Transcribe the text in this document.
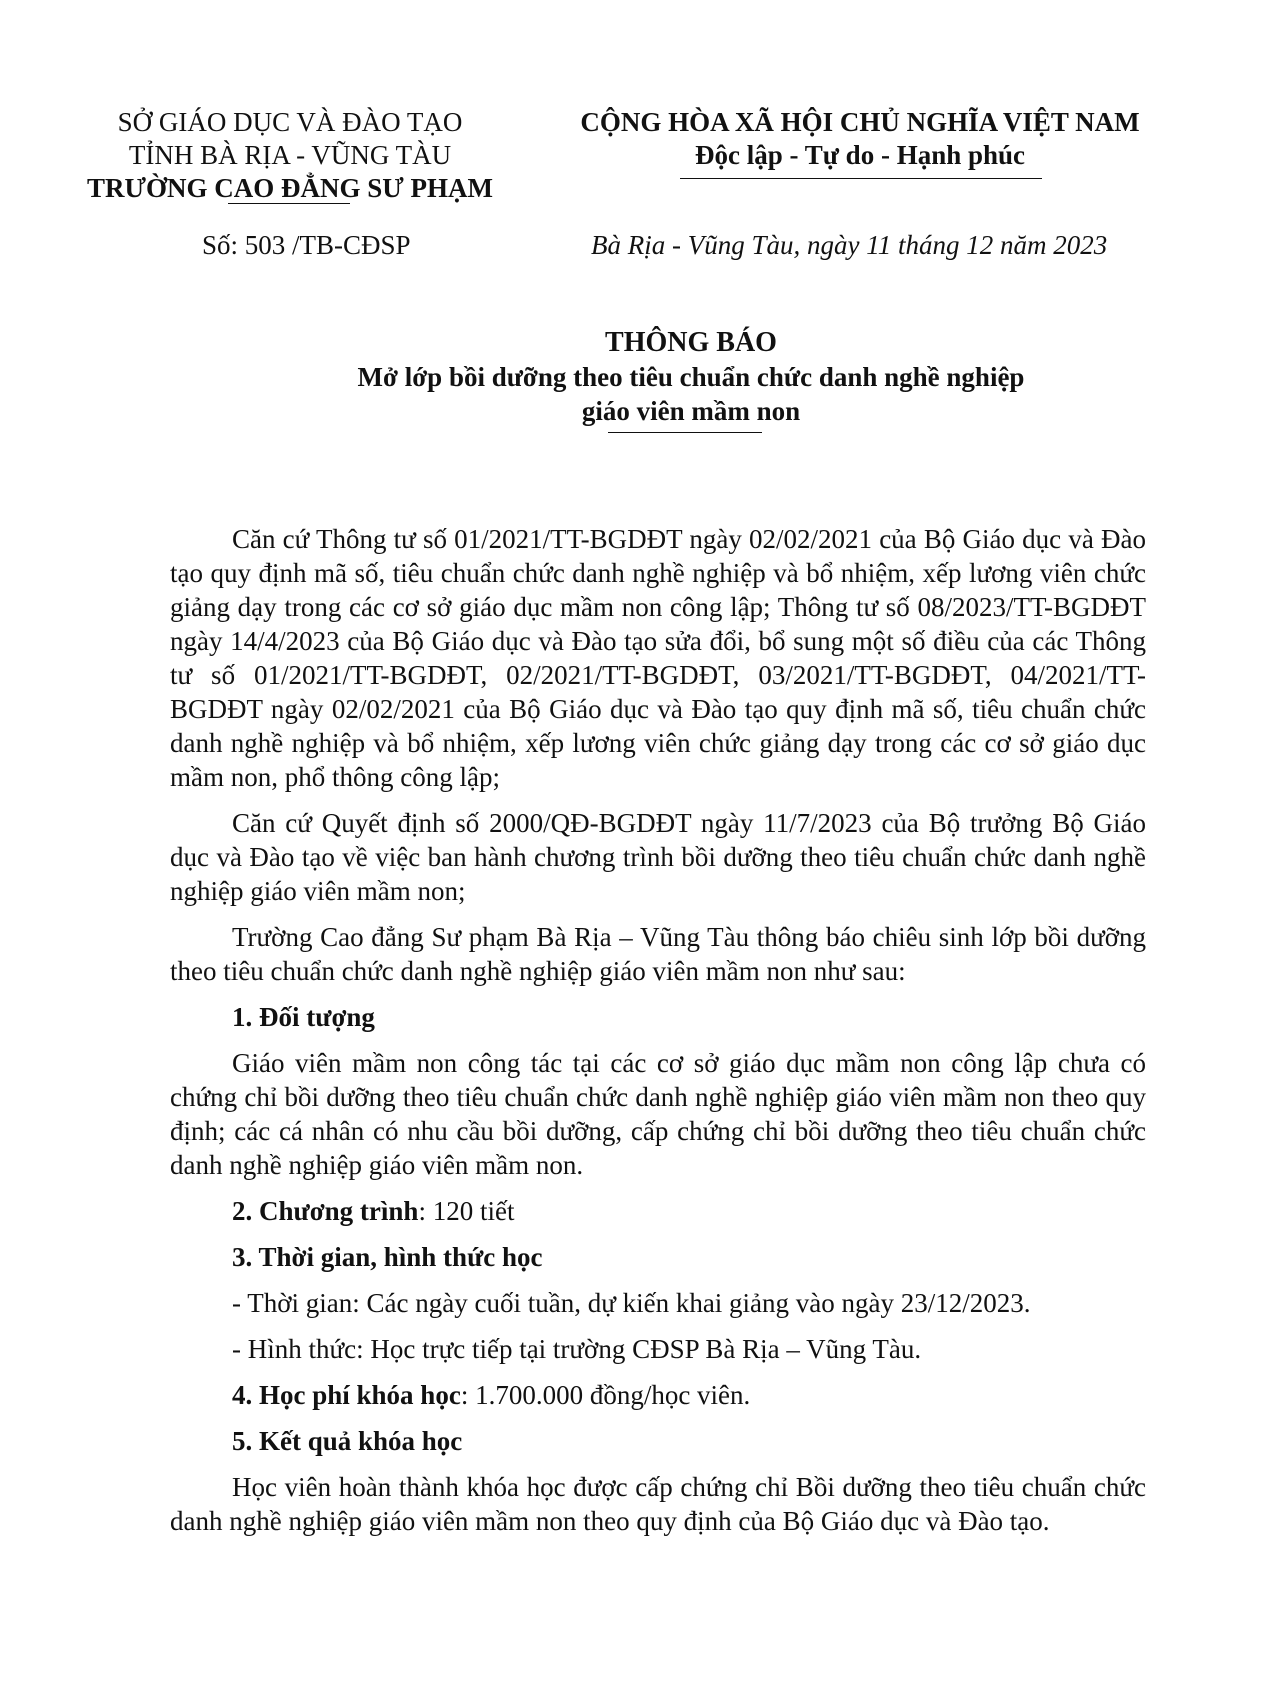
SỞ GIÁO DỤC VÀ ĐÀO TẠO
TỈNH BÀ RỊA - VŨNG TÀU
TRƯỜNG CAO ĐẲNG SƯ PHẠM
CỘNG HÒA XÃ HỘI CHỦ NGHĨA VIỆT NAM
Độc lập - Tự do - Hạnh phúc
Số: 503 /TB-CĐSP	Bà Rịa - Vũng Tàu, ngày 11 tháng 12 năm 2023
THÔNG BÁO
Mở lớp bồi dưỡng theo tiêu chuẩn chức danh nghề nghiệp
giáo viên mầm non

Căn cứ Thông tư số 01/2021/TT-BGDĐT ngày 02/02/2021 của Bộ Giáo dục và Đào tạo quy định mã số, tiêu chuẩn chức danh nghề nghiệp và bổ nhiệm, xếp lương viên chức giảng dạy trong các cơ sở giáo dục mầm non công lập; Thông tư số 08/2023/TT-BGDĐT ngày 14/4/2023 của Bộ Giáo dục và Đào tạo sửa đổi, bổ sung một số điều của các Thông tư số 01/2021/TT-BGDĐT, 02/2021/TT-BGDĐT, 03/2021/TT-BGDĐT, 04/2021/TT-BGDĐT ngày 02/02/2021 của Bộ Giáo dục và Đào tạo quy định mã số, tiêu chuẩn chức danh nghề nghiệp và bổ nhiệm, xếp lương viên chức giảng dạy trong các cơ sở giáo dục mầm non, phổ thông công lập;

Căn cứ Quyết định số 2000/QĐ-BGDĐT ngày 11/7/2023 của Bộ trưởng Bộ Giáo dục và Đào tạo về việc ban hành chương trình bồi dưỡng theo tiêu chuẩn chức danh nghề nghiệp giáo viên mầm non;

Trường Cao đẳng Sư phạm Bà Rịa – Vũng Tàu thông báo chiêu sinh lớp bồi dưỡng theo tiêu chuẩn chức danh nghề nghiệp giáo viên mầm non như sau:

1. Đối tượng

Giáo viên mầm non công tác tại các cơ sở giáo dục mầm non công lập chưa có chứng chỉ bồi dưỡng theo tiêu chuẩn chức danh nghề nghiệp giáo viên mầm non theo quy định; các cá nhân có nhu cầu bồi dưỡng, cấp chứng chỉ bồi dưỡng theo tiêu chuẩn chức danh nghề nghiệp giáo viên mầm non.

2. Chương trình: 120 tiết
3. Thời gian, hình thức học
- Thời gian: Các ngày cuối tuần, dự kiến khai giảng vào ngày 23/12/2023.
- Hình thức: Học trực tiếp tại trường CĐSP Bà Rịa – Vũng Tàu.
4. Học phí khóa học: 1.700.000 đồng/học viên.
5. Kết quả khóa học

Học viên hoàn thành khóa học được cấp chứng chỉ Bồi dưỡng theo tiêu chuẩn chức danh nghề nghiệp giáo viên mầm non theo quy định của Bộ Giáo dục và Đào tạo.
